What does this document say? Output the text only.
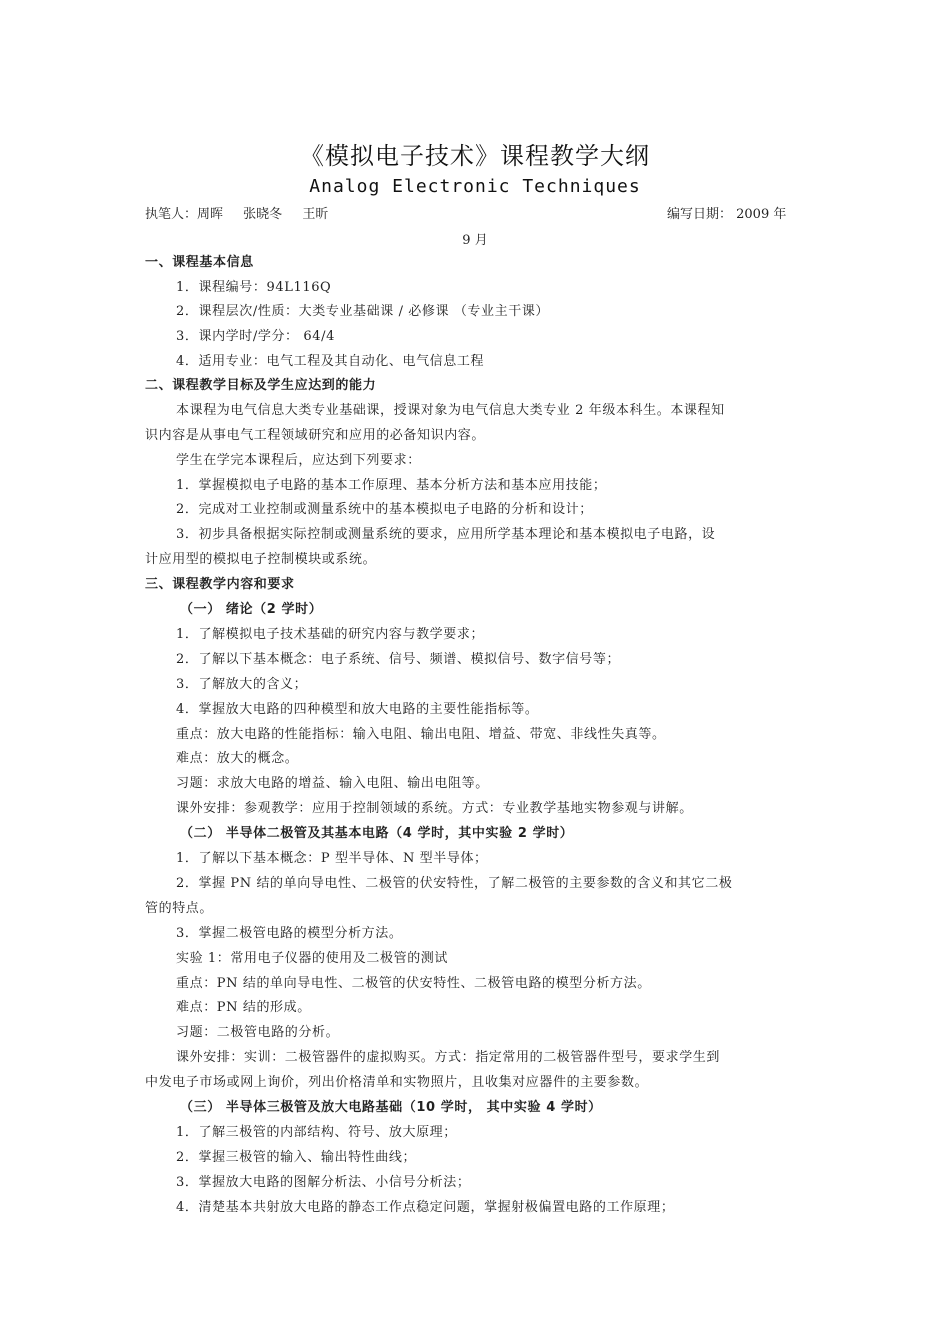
《模拟电子技术》课程教学大纲
Analog Electronic Techniques
执笔人：周晖 张晓冬 王昕	编写日期： 2009 年
9 月
一、课程基本信息
1．课程编号：94L116Q
2．课程层次/性质：大类专业基础课 / 必修课 （专业主干课）
3．课内学时/学分： 64/4
4．适用专业：电气工程及其自动化、电气信息工程
二、课程教学目标及学生应达到的能力
本课程为电气信息大类专业基础课，授课对象为电气信息大类专业 2 年级本科生。本课程知
识内容是从事电气工程领域研究和应用的必备知识内容。
学生在学完本课程后，应达到下列要求：
1．掌握模拟电子电路的基本工作原理、基本分析方法和基本应用技能；
2．完成对工业控制或测量系统中的基本模拟电子电路的分析和设计；
3．初步具备根据实际控制或测量系统的要求，应用所学基本理论和基本模拟电子电路，设
计应用型的模拟电子控制模块或系统。
三、课程教学内容和要求
（一） 绪论（2 学时）
1．了解模拟电子技术基础的研究内容与教学要求；
2．了解以下基本概念：电子系统、信号、频谱、模拟信号、数字信号等；
3．了解放大的含义；
4．掌握放大电路的四种模型和放大电路的主要性能指标等。
重点：放大电路的性能指标：输入电阻、输出电阻、增益、带宽、非线性失真等。
难点：放大的概念。
习题：求放大电路的增益、输入电阻、输出电阻等。
课外安排：参观教学：应用于控制领域的系统。方式：专业教学基地实物参观与讲解。
（二） 半导体二极管及其基本电路（4 学时，其中实验 2 学时）
1．了解以下基本概念：P 型半导体、N 型半导体；
2．掌握 PN 结的单向导电性、二极管的伏安特性，了解二极管的主要参数的含义和其它二极
管的特点。
3．掌握二极管电路的模型分析方法。
实验 1：常用电子仪器的使用及二极管的测试
重点：PN 结的单向导电性、二极管的伏安特性、二极管电路的模型分析方法。
难点：PN 结的形成。
习题：二极管电路的分析。
课外安排：实训：二极管器件的虚拟购买。方式：指定常用的二极管器件型号，要求学生到
中发电子市场或网上询价，列出价格清单和实物照片，且收集对应器件的主要参数。
（三） 半导体三极管及放大电路基础（10 学时， 其中实验 4 学时）
1．了解三极管的内部结构、符号、放大原理；
2．掌握三极管的输入、输出特性曲线；
3．掌握放大电路的图解分析法、小信号分析法；
4．清楚基本共射放大电路的静态工作点稳定问题，掌握射极偏置电路的工作原理；
